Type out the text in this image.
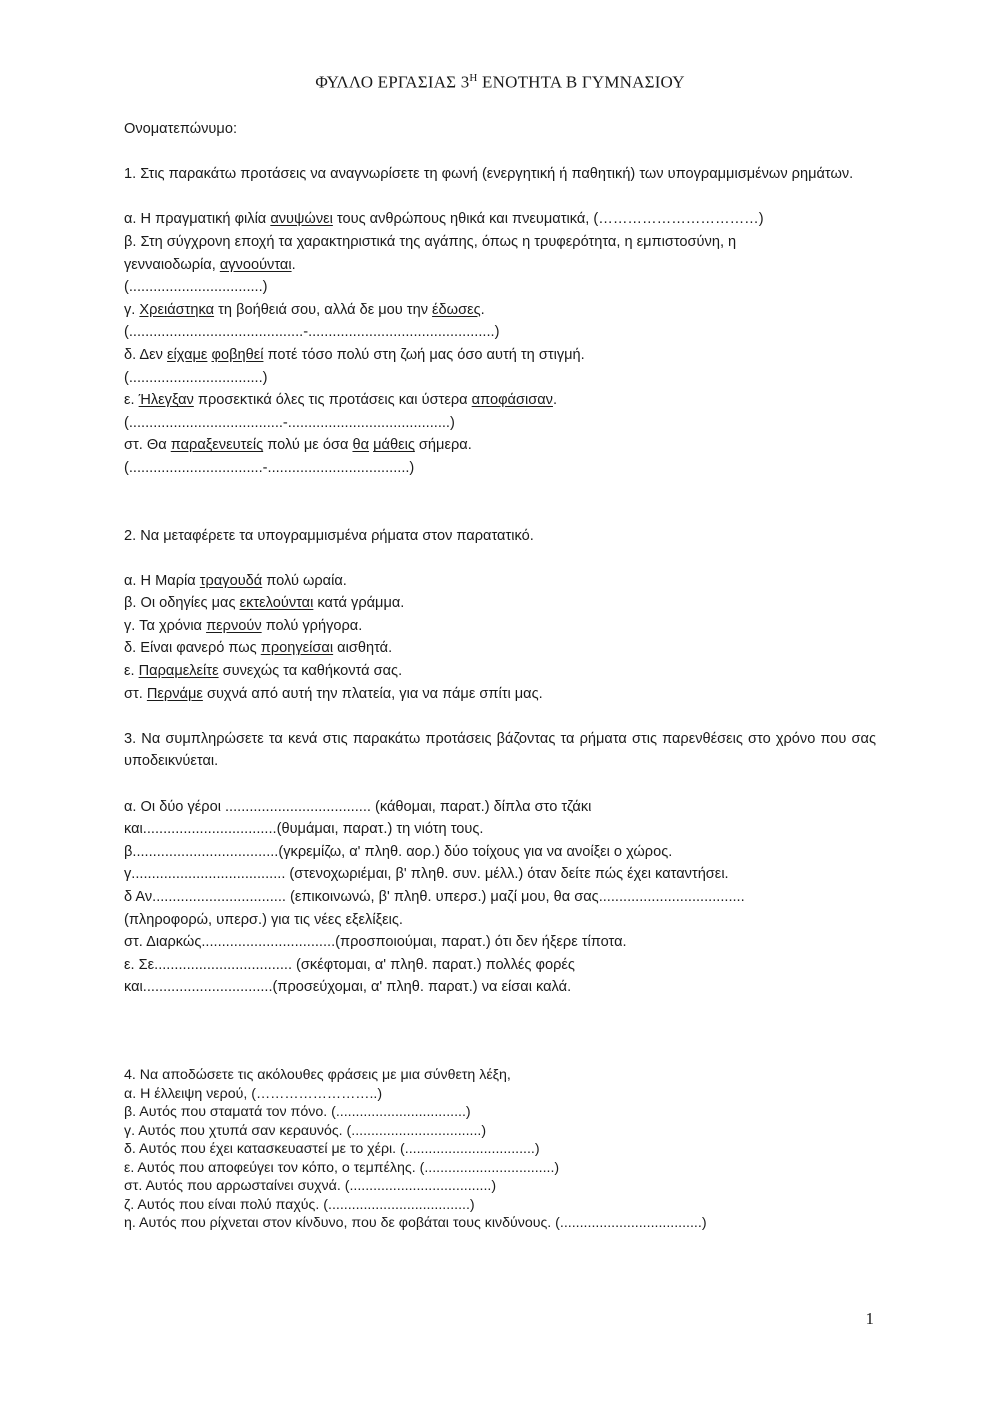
ΦΥΛΛΟ ΕΡΓΑΣΙΑΣ $3^H$ ΕΝΟΤΗΤΑ Β ΓΥΜΝΑΣΙΟΥ
Ονοματεπώνυμο:
1. Στις παρακάτω προτάσεις να αναγνωρίσετε τη φωνή (ενεργητική ή παθητική) των υπογραμμισμένων ρημάτων.
α. Η πραγματική φιλία ανυψώνει τους ανθρώπους ηθικά και πνευματικά, (……………………………)
β. Στη σύγχρονη εποχή τα χαρακτηριστικά της αγάπης, όπως η τρυφερότητα, η εμπιστοσύνη, η
γενναιοδωρία, αγνοούνται.
(.................................)
γ. Χρειάστηκα τη βοήθειά σου, αλλά δε μου την έδωσες.
(...........................................-..............................................)
δ. Δεν είχαμε φοβηθεί ποτέ τόσο πολύ στη ζωή μας όσο αυτή τη στιγμή.
(.................................)
ε. Ήλεγξαν προσεκτικά όλες τις προτάσεις και ύστερα αποφάσισαν.
(......................................-........................................)
στ. Θα παραξενευτείς πολύ με όσα θα μάθεις σήμερα.
(.................................-...................................)
2. Να μεταφέρετε τα υπογραμμισμένα ρήματα στον παρατατικό.
α. Η Μαρία τραγουδά πολύ ωραία.
β. Οι οδηγίες μας εκτελούνται κατά γράμμα.
γ. Τα χρόνια περνούν πολύ γρήγορα.
δ. Είναι φανερό πως προηγείσαι αισθητά.
ε. Παραμελείτε συνεχώς τα καθήκοντά σας.
στ. Περνάμε συχνά από αυτή την πλατεία, για να πάμε σπίτι μας.
3. Να συμπληρώσετε τα κενά στις παρακάτω προτάσεις βάζοντας τα ρήματα στις παρενθέσεις στο χρόνο που σας υποδεικνύεται.
α. Οι δύο γέροι .................................... (κάθομαι, παρατ.) δίπλα στο τζάκι
και.................................(θυμάμαι, παρατ.) τη νιότη τους.
β....................................(γκρεμίζω, α' πληθ. αορ.) δύο τοίχους για να ανοίξει ο χώρος.
γ...................................... (στενοχωριέμαι, β' πληθ. συν. μέλλ.) όταν δείτε πώς έχει καταντήσει.
δ Αν................................. (επικοινωνώ, β' πληθ. υπερσ.) μαζί μου, θα σας....................................
(πληροφορώ, υπερσ.) για τις νέες εξελίξεις.
στ. Διαρκώς.................................(προσποιούμαι, παρατ.) ότι δεν ήξερε τίποτα.
ε. Σε.................................. (σκέφτομαι, α' πληθ. παρατ.) πολλές φορές
και................................(προσεύχομαι, α' πληθ. παρατ.) να είσαι καλά.
4. Να αποδώσετε τις ακόλουθες φράσεις με μια σύνθετη λέξη,
α. Η έλλειψη νερού, (……………………..)
β. Αυτός που σταματά τον πόνο. (.................................)
γ. Αυτός που χτυπά σαν κεραυνός. (.................................)
δ. Αυτός που έχει κατασκευαστεί με το χέρι. (.................................)
ε. Αυτός που αποφεύγει τον κόπο, ο τεμπέλης. (.................................)
στ. Αυτός που αρρωσταίνει συχνά. (....................................)
ζ. Αυτός που είναι πολύ παχύς. (....................................)
η. Αυτός που ρίχνεται στον κίνδυνο, που δε φοβάται τους κινδύνους. (....................................)
1
